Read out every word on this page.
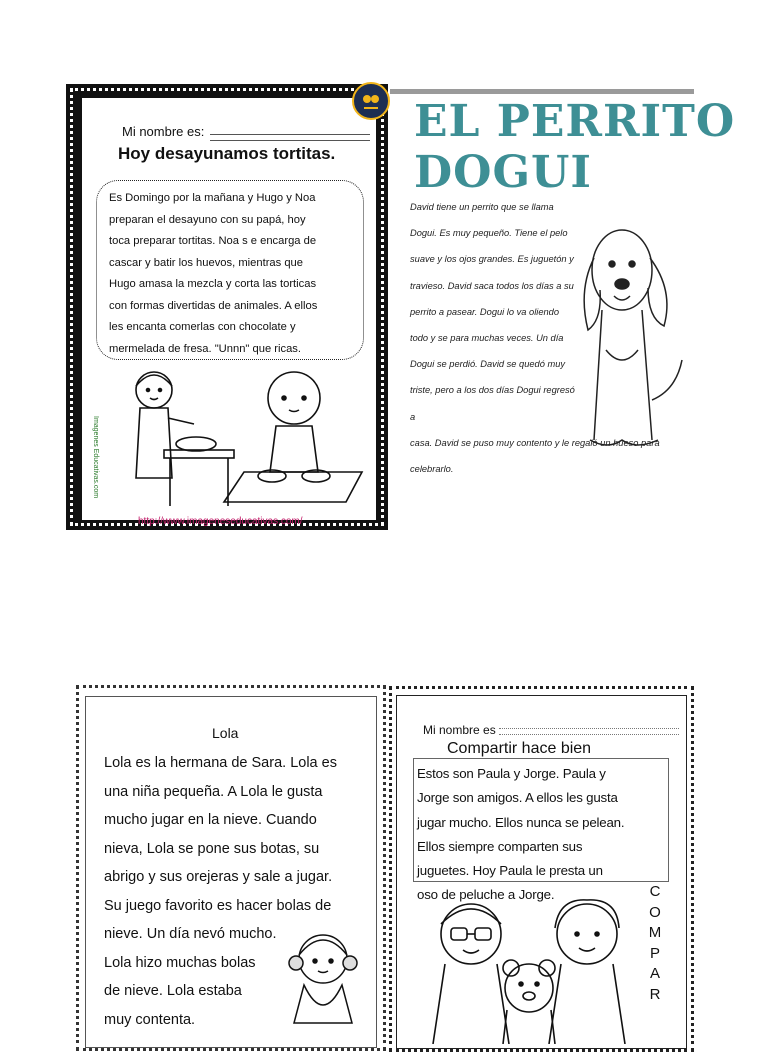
Mi nombre es:
Hoy desayunamos tortitas.
Es Domingo por la mañana y Hugo y Noa
preparan el desayuno con su papá, hoy
toca preparar tortitas. Noa s e encarga de
cascar y batir los huevos, mientras que
Hugo amasa la mezcla y corta las torticas
con formas divertidas de animales. A ellos
les encanta comerlas con chocolate y
mermelada de fresa. "Unnn" que ricas.
Imagenes Educativas.com
http://www.imageneseducativas.com/
EL PERRITO DOGUI
David tiene un perrito que se llama
Dogui. Es muy pequeño. Tiene el pelo
suave y los ojos grandes. Es juguetón y
travieso. David saca todos los días a su
perrito a pasear. Dogui lo va oliendo
todo y se para muchas veces. Un día
Dogui se perdió. David se quedó muy
triste, pero a los dos días Dogui regresó a
casa. David se puso muy contento y le regaló un hueso para
celebrarlo.
Lola
Lola es la hermana de Sara. Lola es
una niña pequeña. A Lola le gusta
mucho jugar en la nieve. Cuando
nieva, Lola se pone sus botas, su
abrigo y sus orejeras y sale a jugar.
Su juego favorito es hacer bolas de
nieve. Un día nevó mucho.
Lola hizo muchas bolas
de nieve. Lola estaba
muy contenta.
Mi nombre es
Compartir hace bien
Estos son Paula y Jorge. Paula y
Jorge son amigos. A ellos les gusta
jugar mucho. Ellos nunca se pelean.
Ellos siempre comparten sus
juguetes. Hoy Paula le presta un
oso de peluche a Jorge.	C
O
M
P
A
R
